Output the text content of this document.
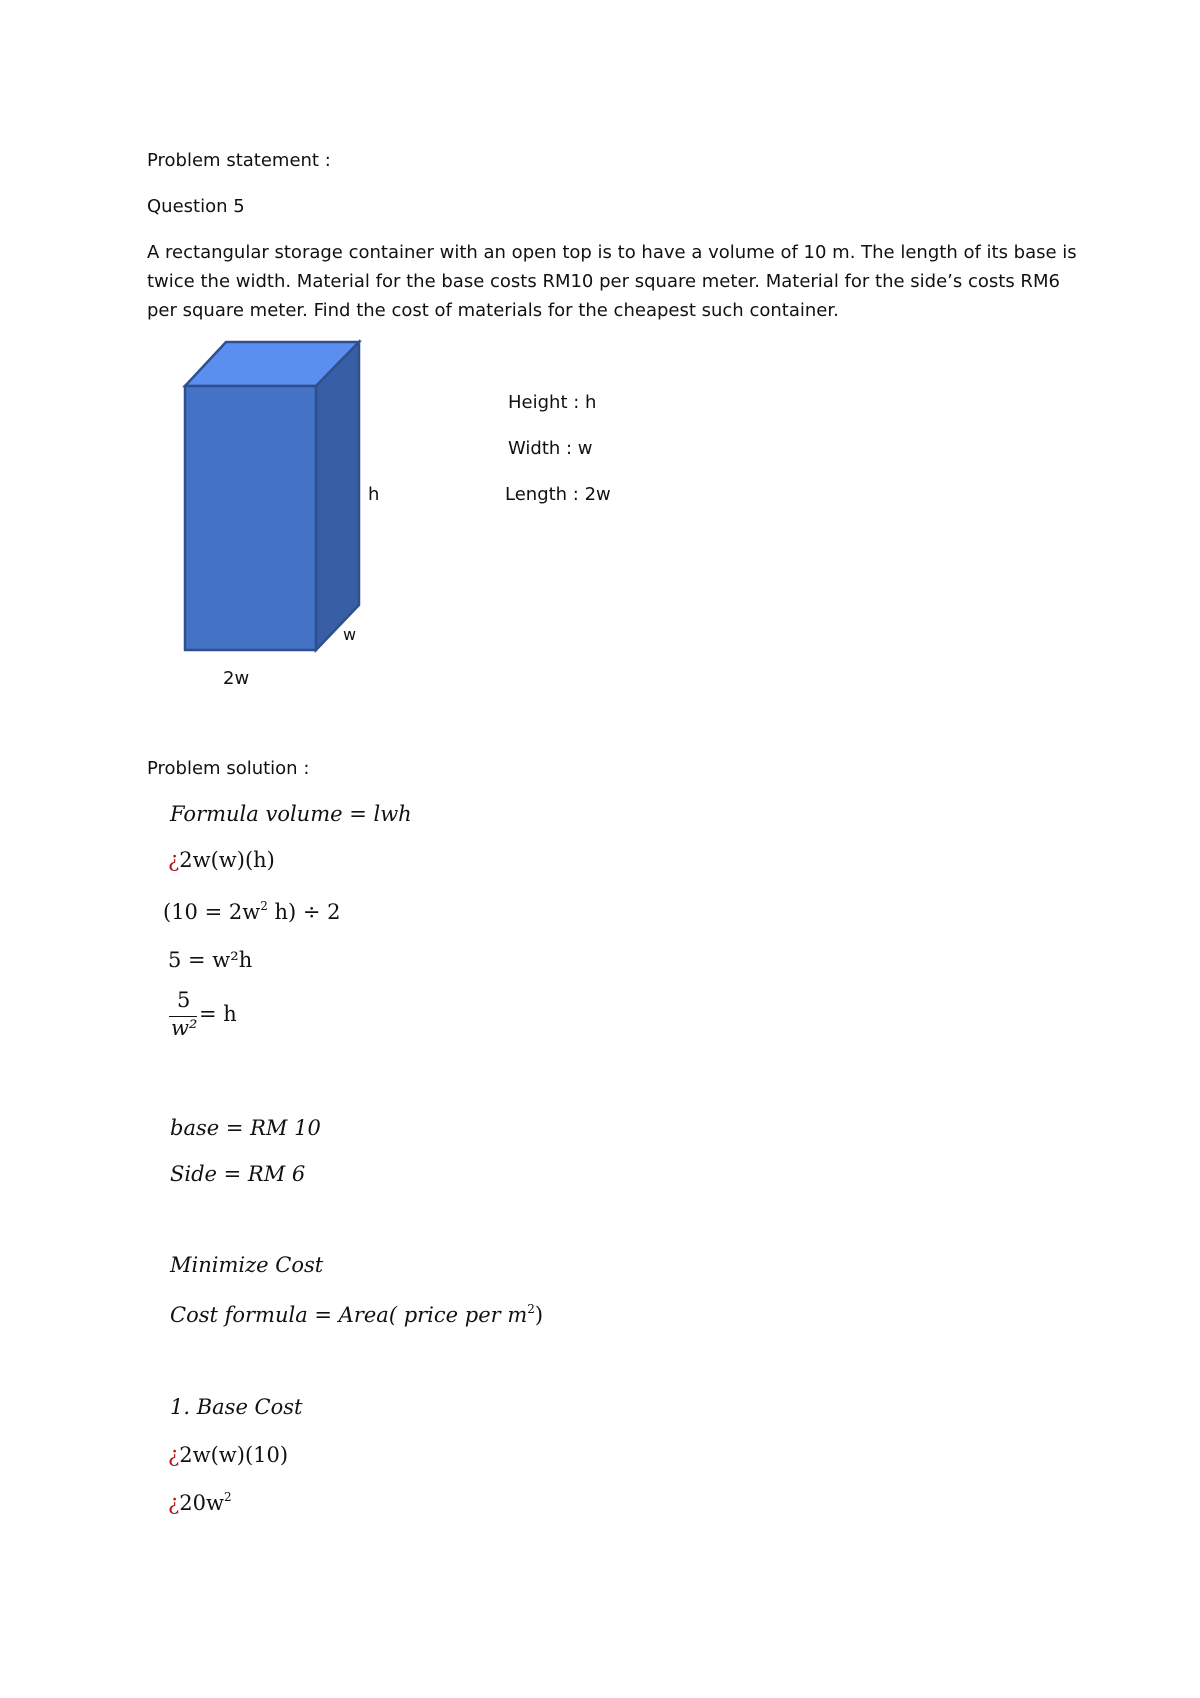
Problem statement :
Question 5
A rectangular storage container with an open top is to have a volume of 10 m. The length of its base is twice the width. Material for the base costs RM10 per square meter. Material for the side’s costs RM6 per square meter. Find the cost of materials for the cheapest such container.
h
w
2w
Height : h
Width : w
Length : 2w
Problem solution :
Formula volume = lwh
¿2w(w)(h)
($10 = 2w^2$ h) ÷ 2
5 = w²h
5
w²
= h
base = RM 10
Side = RM 6
Minimize Cost
Cost formula = Area( price per $m^2$)
1. Base Cost
¿2w(w)(10)
¿$20w^2$
